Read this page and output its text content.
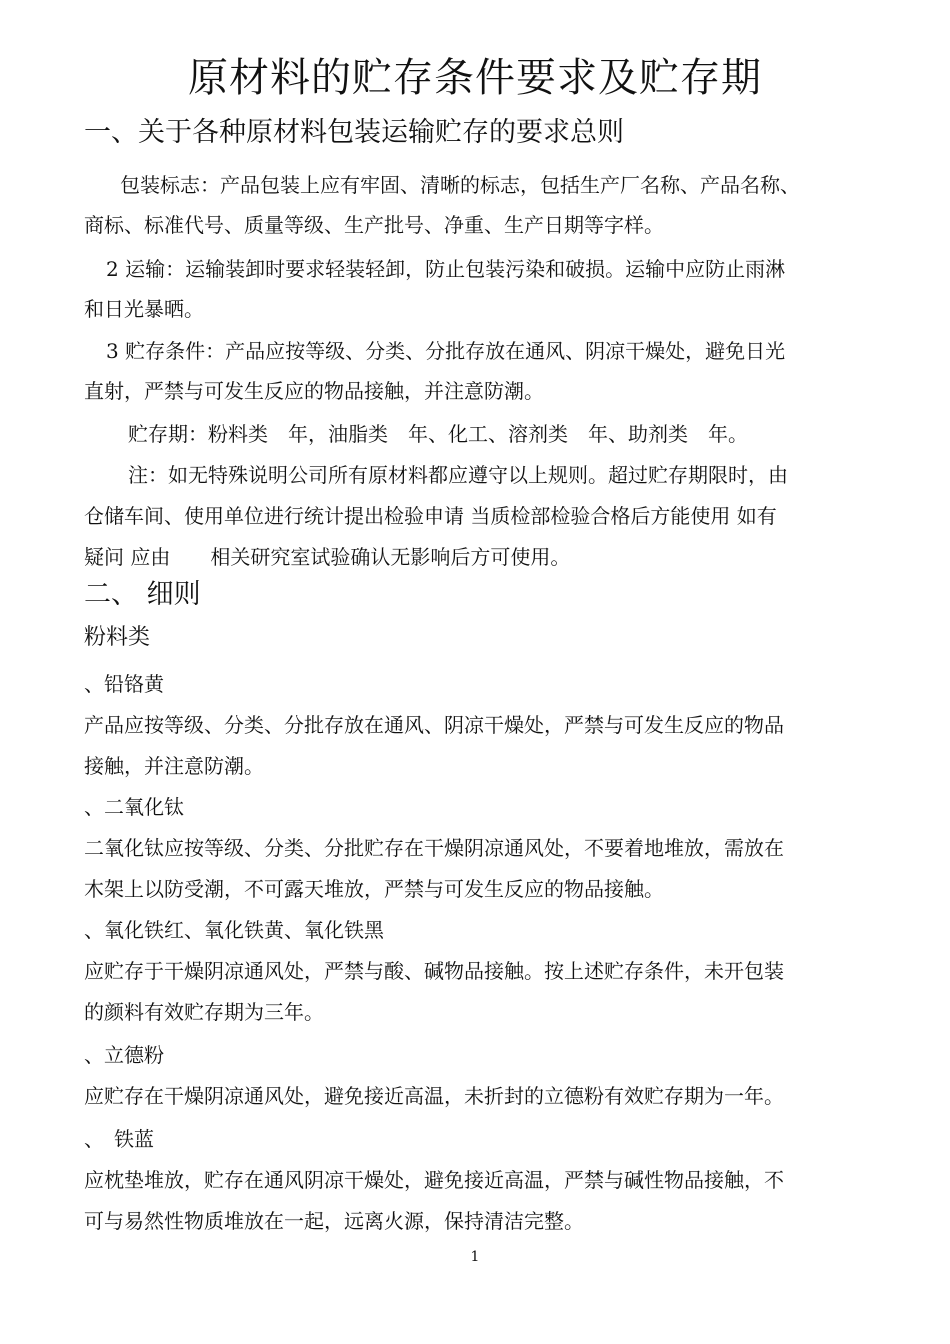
原材料的贮存条件要求及贮存期
一、关于各种原材料包装运输贮存的要求总则
包装标志：产品包装上应有牢固、清晰的标志，包括生产厂名称、产品名称、
商标、标准代号、质量等级、生产批号、净重、生产日期等字样。
2 运输：运输装卸时要求轻装轻卸，防止包装污染和破损。运输中应防止雨淋
和日光暴晒。
3 贮存条件：产品应按等级、分类、分批存放在通风、阴凉干燥处，避免日光
直射，严禁与可发生反应的物品接触，并注意防潮。
贮存期：粉料类　年，油脂类　年、化工、溶剂类　年、助剂类　年。
注：如无特殊说明公司所有原材料都应遵守以上规则。超过贮存期限时，由
仓储车间、使用单位进行统计提出检验申请 当质检部检验合格后方能使用 如有
疑问 应由　　相关研究室试验确认无影响后方可使用。
二、 细则
粉料类
、铅铬黄
产品应按等级、分类、分批存放在通风、阴凉干燥处，严禁与可发生反应的物品
接触，并注意防潮。
、二氧化钛
二氧化钛应按等级、分类、分批贮存在干燥阴凉通风处，不要着地堆放，需放在
木架上以防受潮，不可露天堆放，严禁与可发生反应的物品接触。
、氧化铁红、氧化铁黄、氧化铁黑
应贮存于干燥阴凉通风处，严禁与酸、碱物品接触。按上述贮存条件，未开包装
的颜料有效贮存期为三年。
、立德粉
应贮存在干燥阴凉通风处，避免接近高温，未折封的立德粉有效贮存期为一年。
、　铁蓝
应枕垫堆放，贮存在通风阴凉干燥处，避免接近高温，严禁与碱性物品接触，不
可与易然性物质堆放在一起，远离火源，保持清洁完整。
1
